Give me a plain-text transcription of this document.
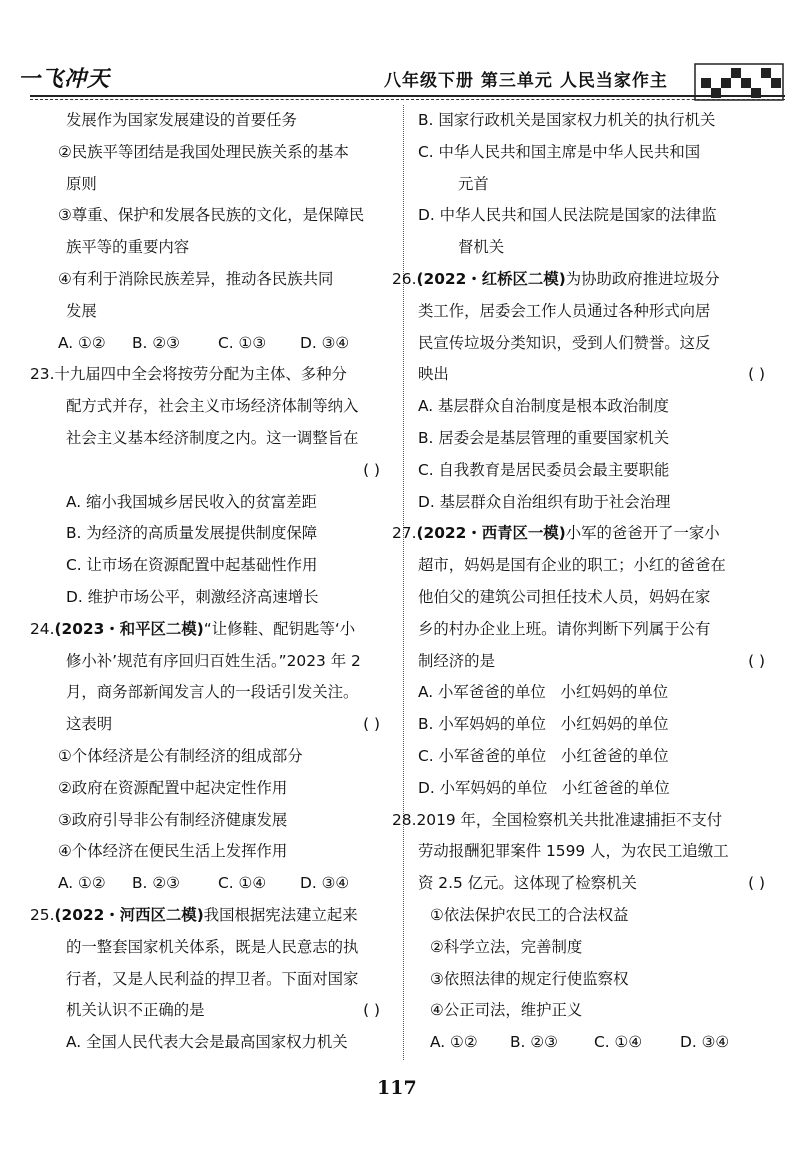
一飞冲天	八年级下册 第三单元 人民当家作主
发展作为国家发展建设的首要任务
②民族平等团结是我国处理民族关系的基本
原则
③尊重、保护和发展各民族的文化，是保障民
族平等的重要内容
④有利于消除民族差异，推动各民族共同
发展
A. ①② B. ②③ C. ①③ D. ③④
23.十九届四中全会将按劳分配为主体、多种分
配方式并存，社会主义市场经济体制等纳入
社会主义基本经济制度之内。这一调整旨在
( )
A. 缩小我国城乡居民收入的贫富差距
B. 为经济的高质量发展提供制度保障
C. 让市场在资源配置中起基础性作用
D. 维护市场公平，刺激经济高速增长
24.(2023・和平区二模)“让修鞋、配钥匙等‘小
修小补’规范有序回归百姓生活。”2023 年 2
月，商务部新闻发言人的一段话引发关注。
这表明	( )
①个体经济是公有制经济的组成部分
②政府在资源配置中起决定性作用
③政府引导非公有制经济健康发展
④个体经济在便民生活上发挥作用
A. ①② B. ②③ C. ①④ D. ③④
25.(2022・河西区二模)我国根据宪法建立起来
的一整套国家机关体系，既是人民意志的执
行者，又是人民利益的捍卫者。下面对国家
机关认识不正确的是	( )
A. 全国人民代表大会是最高国家权力机关
B. 国家行政机关是国家权力机关的执行机关
C. 中华人民共和国主席是中华人民共和国
元首
D. 中华人民共和国人民法院是国家的法律监
督机关
26.(2022・红桥区二模)为协助政府推进垃圾分
类工作，居委会工作人员通过各种形式向居
民宣传垃圾分类知识，受到人们赞誉。这反
映出	( )
A. 基层群众自治制度是根本政治制度
B. 居委会是基层管理的重要国家机关
C. 自我教育是居民委员会最主要职能
D. 基层群众自治组织有助于社会治理
27.(2022・西青区一模)小军的爸爸开了一家小
超市，妈妈是国有企业的职工；小红的爸爸在
他伯父的建筑公司担任技术人员，妈妈在家
乡的村办企业上班。请你判断下列属于公有
制经济的是	( )
A. 小军爸爸的单位   小红妈妈的单位
B. 小军妈妈的单位   小红妈妈的单位
C. 小军爸爸的单位   小红爸爸的单位
D. 小军妈妈的单位   小红爸爸的单位
28.2019 年，全国检察机关共批准逮捕拒不支付
劳动报酬犯罪案件 1599 人，为农民工追缴工
资 2.5 亿元。这体现了检察机关	( )
①依法保护农民工的合法权益
②科学立法，完善制度
③依照法律的规定行使监察权
④公正司法，维护正义
A. ①② B. ②③ C. ①④ D. ③④
117
